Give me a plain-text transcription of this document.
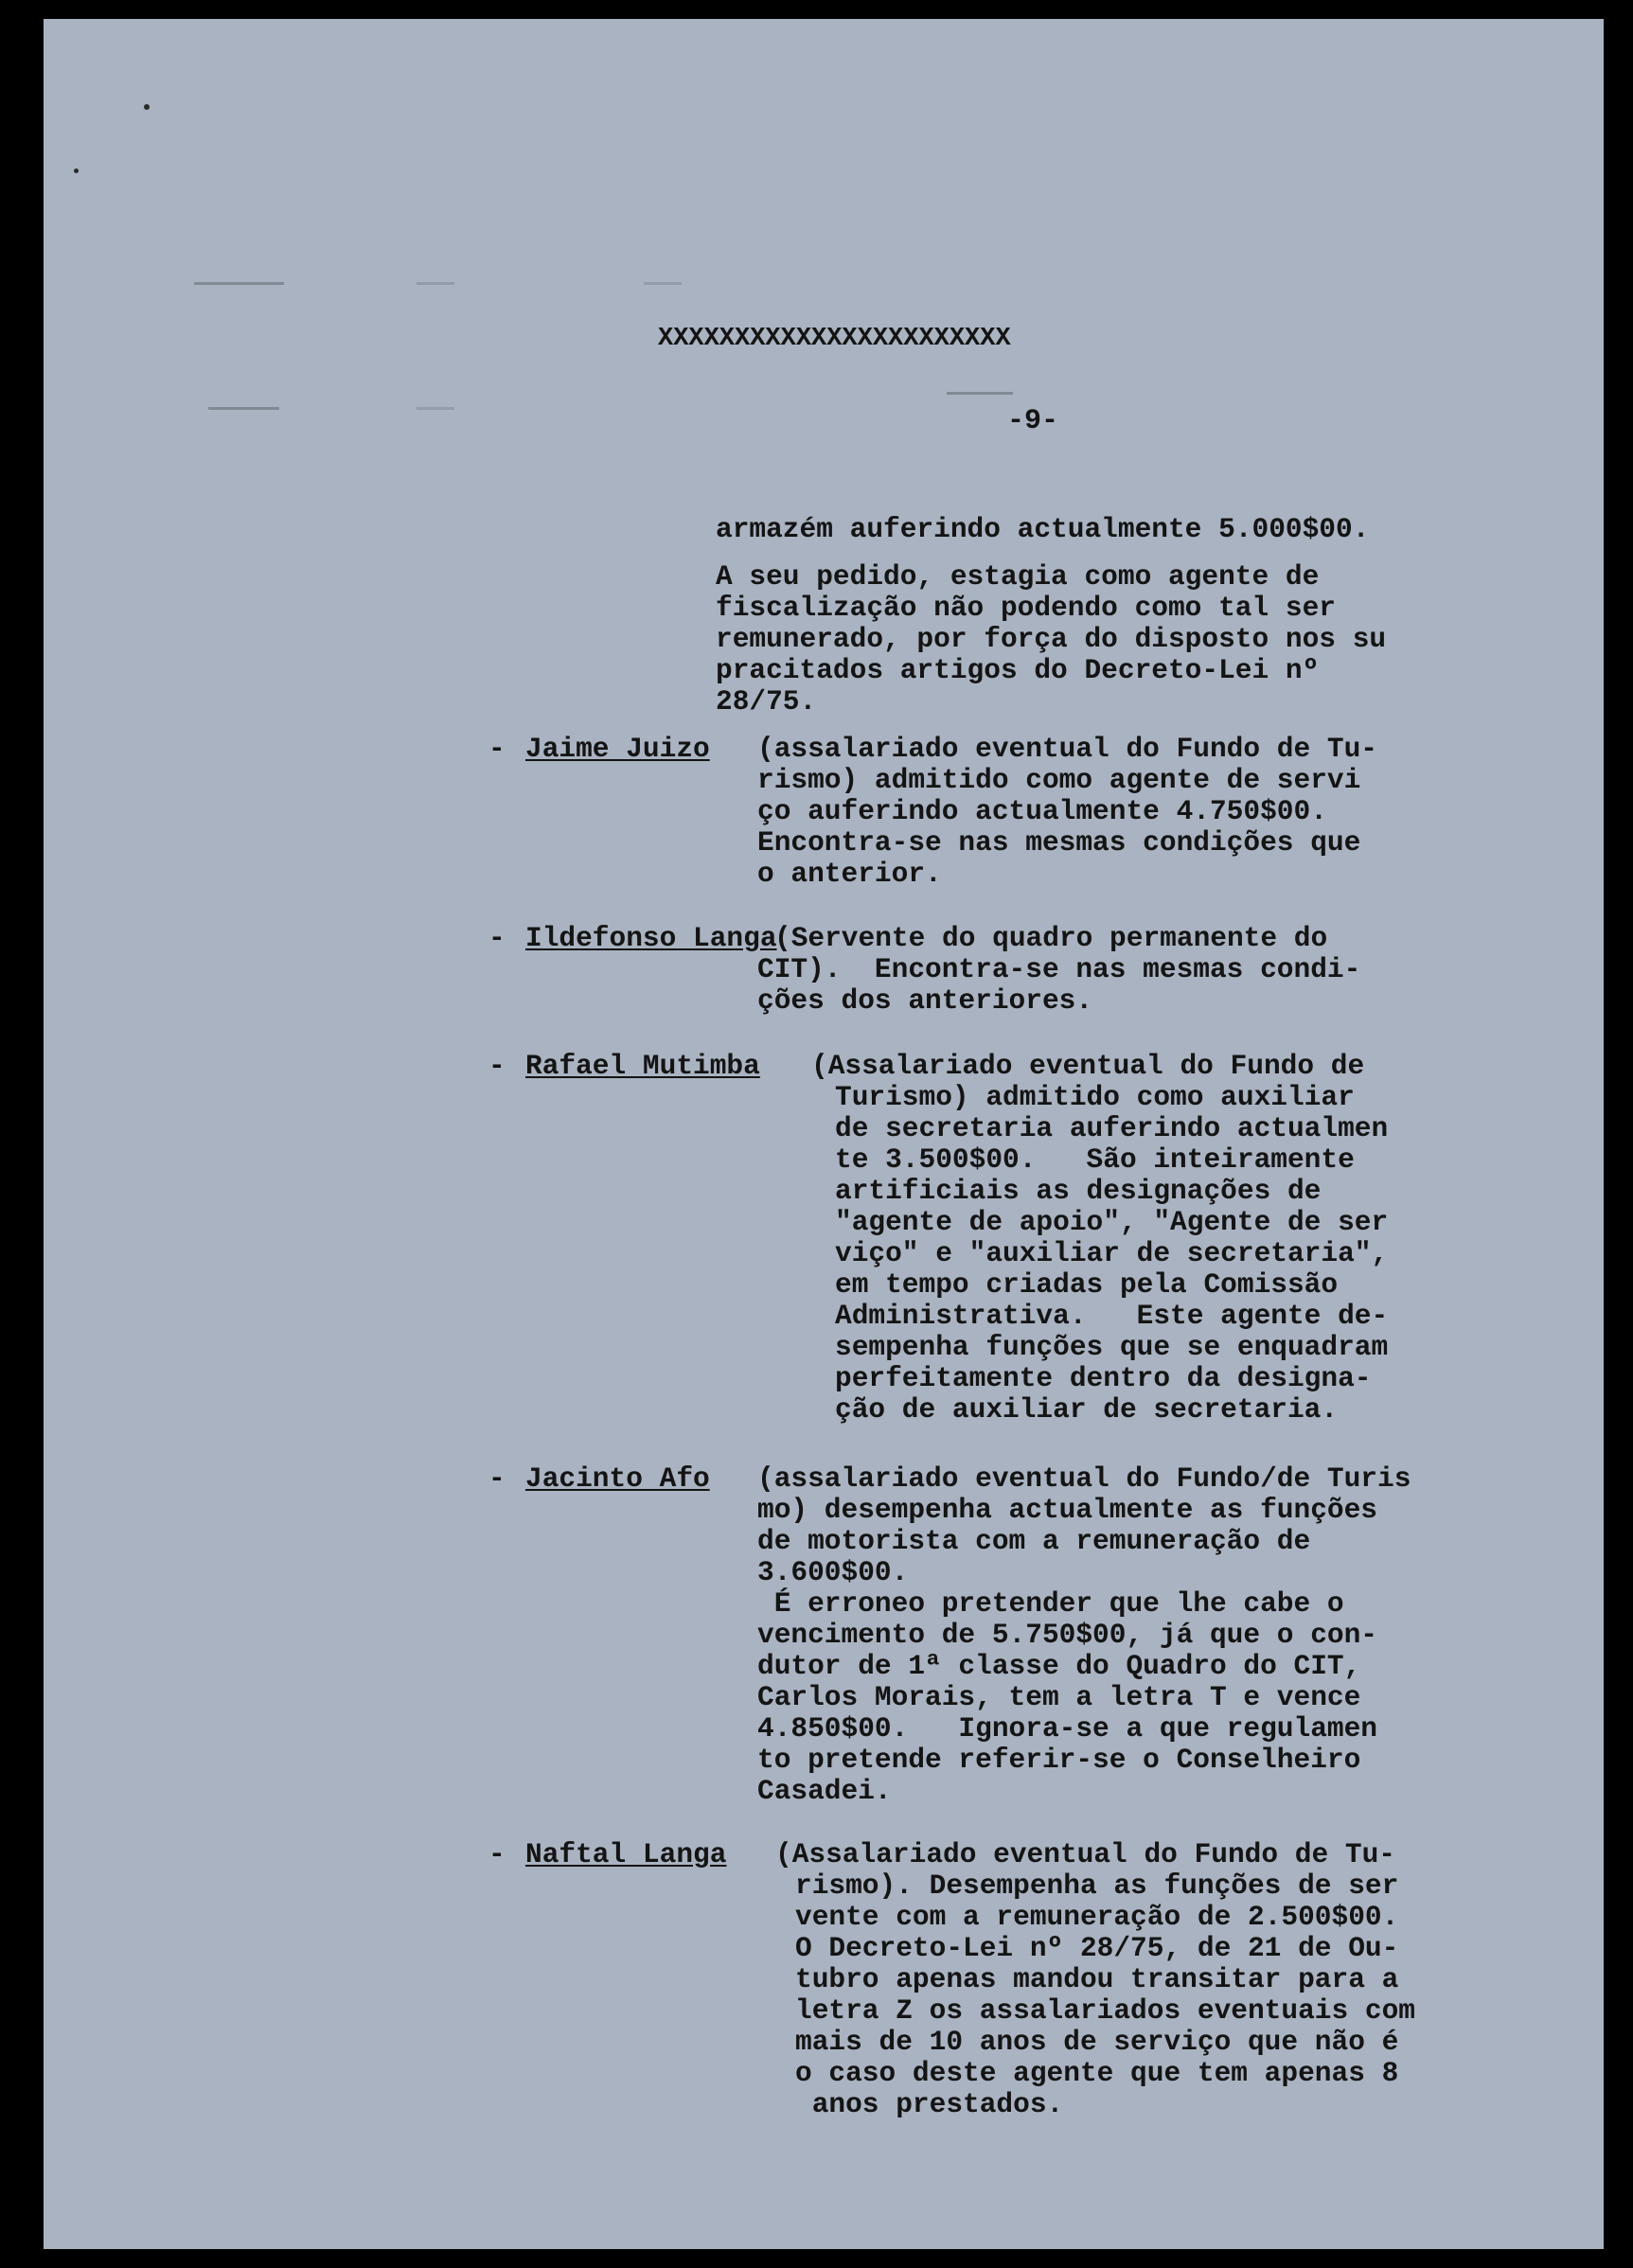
XXXXXXXXXXXXXXXXXXXXXXX
-9-
armazém auferindo actualmente 5.000$00.
A seu pedido, estagia como agente de
fiscalização não podendo como tal ser
remunerado, por força do disposto nos su
pracitados artigos do Decreto-Lei nº
28/75.
- Jaime Juizo (assalariado eventual do Fundo de Tu-
rismo) admitido como agente de servi
ço auferindo actualmente 4.750$00.
Encontra-se nas mesmas condições que
o anterior.
- Ildefonso Langa
(Servente do quadro permanente do
CIT).  Encontra-se nas mesmas condi-
ções dos anteriores.
- Rafael Mutimba (Assalariado eventual do Fundo de
Turismo) admitido como auxiliar
de secretaria auferindo actualmen
te 3.500$00.   São inteiramente
artificiais as designações de
"agente de apoio", "Agente de ser
viço" e "auxiliar de secretaria",
em tempo criadas pela Comissão
Administrativa.   Este agente de-
sempenha funções que se enquadram
perfeitamente dentro da designa-
ção de auxiliar de secretaria.
- Jacinto Afo (assalariado eventual do Fundo/de Turis
mo) desempenha actualmente as funções
de motorista com a remuneração de
3.600$00.
É erroneo pretender que lhe cabe o
vencimento de 5.750$00, já que o con-
dutor de 1ª classe do Quadro do CIT,
Carlos Morais, tem a letra T e vence
4.850$00.   Ignora-se a que regulamen
to pretende referir-se o Conselheiro
Casadei.
- Naftal Langa (Assalariado eventual do Fundo de Tu-
rismo). Desempenha as funções de ser
vente com a remuneração de 2.500$00.
O Decreto-Lei nº 28/75, de 21 de Ou-
tubro apenas mandou transitar para a
letra Z os assalariados eventuais com
mais de 10 anos de serviço que não é
o caso deste agente que tem apenas 8
anos prestados.
